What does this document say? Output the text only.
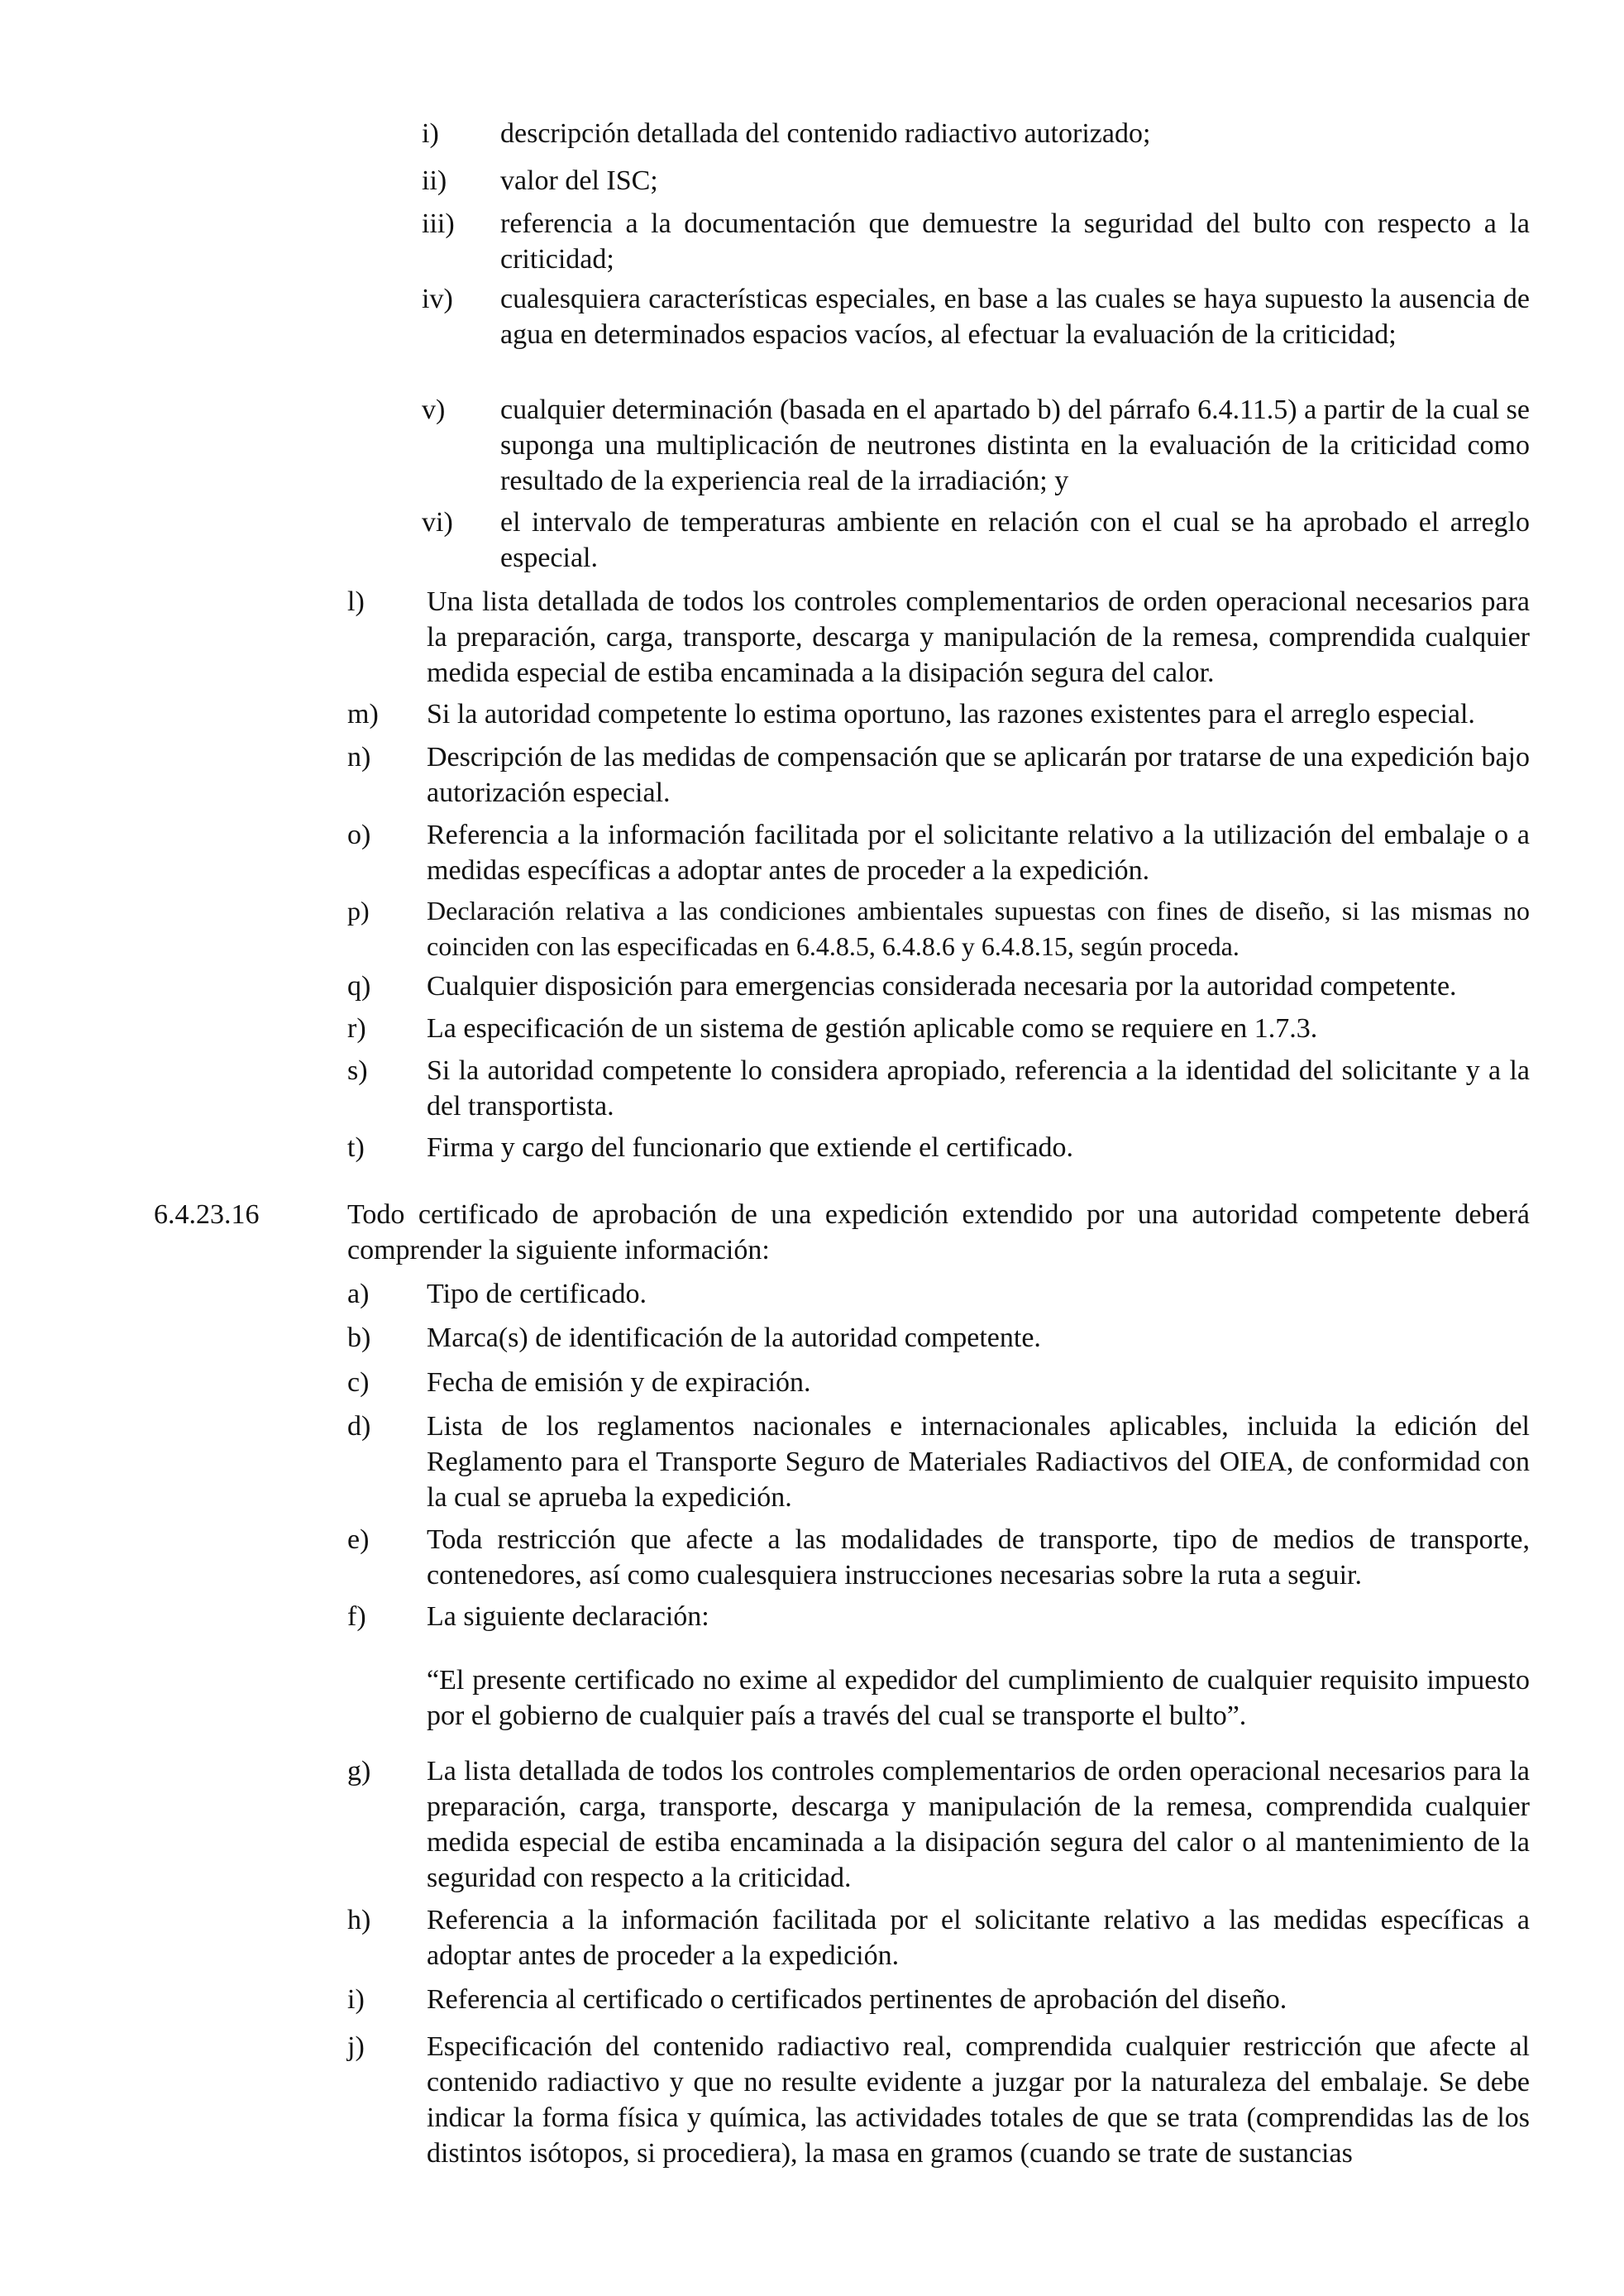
i)	descripción detallada del contenido radiactivo autorizado;
ii)	valor del ISC;
iii)	referencia a la documentación que demuestre la seguridad del bulto con respecto a la criticidad;
iv)	cualesquiera características especiales, en base a las cuales se haya supuesto la ausencia de agua en determinados espacios vacíos, al efectuar la evaluación de la criticidad;
v)	cualquier determinación (basada en el apartado b) del párrafo 6.4.11.5) a partir de la cual se suponga una multiplicación de neutrones distinta en la evaluación de la criticidad como resultado de la experiencia real de la irradiación; y
vi)	el intervalo de temperaturas ambiente en relación con el cual se ha aprobado el arreglo especial.
l)	Una lista detallada de todos los controles complementarios de orden operacional necesarios para la preparación, carga, transporte, descarga y manipulación de la remesa, comprendida cualquier medida especial de estiba encaminada a la disipación segura del calor.
m)	Si la autoridad competente lo estima oportuno, las razones existentes para el arreglo especial.
n)	Descripción de las medidas de compensación que se aplicarán por tratarse de una expedición bajo autorización especial.
o)	Referencia a la información facilitada por el solicitante relativo a la utilización del embalaje o a medidas específicas a adoptar antes de proceder a la expedición.
p)	Declaración relativa a las condiciones ambientales supuestas con fines de diseño, si las mismas no coinciden con las especificadas en 6.4.8.5, 6.4.8.6 y 6.4.8.15, según proceda.
q)	Cualquier disposición para emergencias considerada necesaria por la autoridad competente.
r)	La especificación de un sistema de gestión aplicable como se requiere en 1.7.3.
s)	Si la autoridad competente lo considera apropiado, referencia a la identidad del solicitante y a la del transportista.
t)	Firma y cargo del funcionario que extiende el certificado.
6.4.23.16	Todo certificado de aprobación de una expedición extendido por una autoridad competente deberá comprender la siguiente información:
a)	Tipo de certificado.
b)	Marca(s) de identificación de la autoridad competente.
c)	Fecha de emisión y de expiración.
d)	Lista de los reglamentos nacionales e internacionales aplicables, incluida la edición del Reglamento para el Transporte Seguro de Materiales Radiactivos del OIEA, de conformidad con la cual se aprueba la expedición.
e)	Toda restricción que afecte a las modalidades de transporte, tipo de medios de transporte, contenedores, así como cualesquiera instrucciones necesarias sobre la ruta a seguir.
f)	La siguiente declaración:
“El presente certificado no exime al expedidor del cumplimiento de cualquier requisito impuesto por el gobierno de cualquier país a través del cual se transporte el bulto”.
g)	La lista detallada de todos los controles complementarios de orden operacional necesarios para la preparación, carga, transporte, descarga y manipulación de la remesa, comprendida cualquier medida especial de estiba encaminada a la disipación segura del calor o al mantenimiento de la seguridad con respecto a la criticidad.
h)	Referencia a la información facilitada por el solicitante relativo a las medidas específicas a adoptar antes de proceder a la expedición.
i)	Referencia al certificado o certificados pertinentes de aprobación del diseño.
j)	Especificación del contenido radiactivo real, comprendida cualquier restricción que afecte al contenido radiactivo y que no resulte evidente a juzgar por la naturaleza del embalaje. Se debe indicar la forma física y química, las actividades totales de que se trata (comprendidas las de los distintos isótopos, si procediera), la masa en gramos (cuando se trate de sustancias
